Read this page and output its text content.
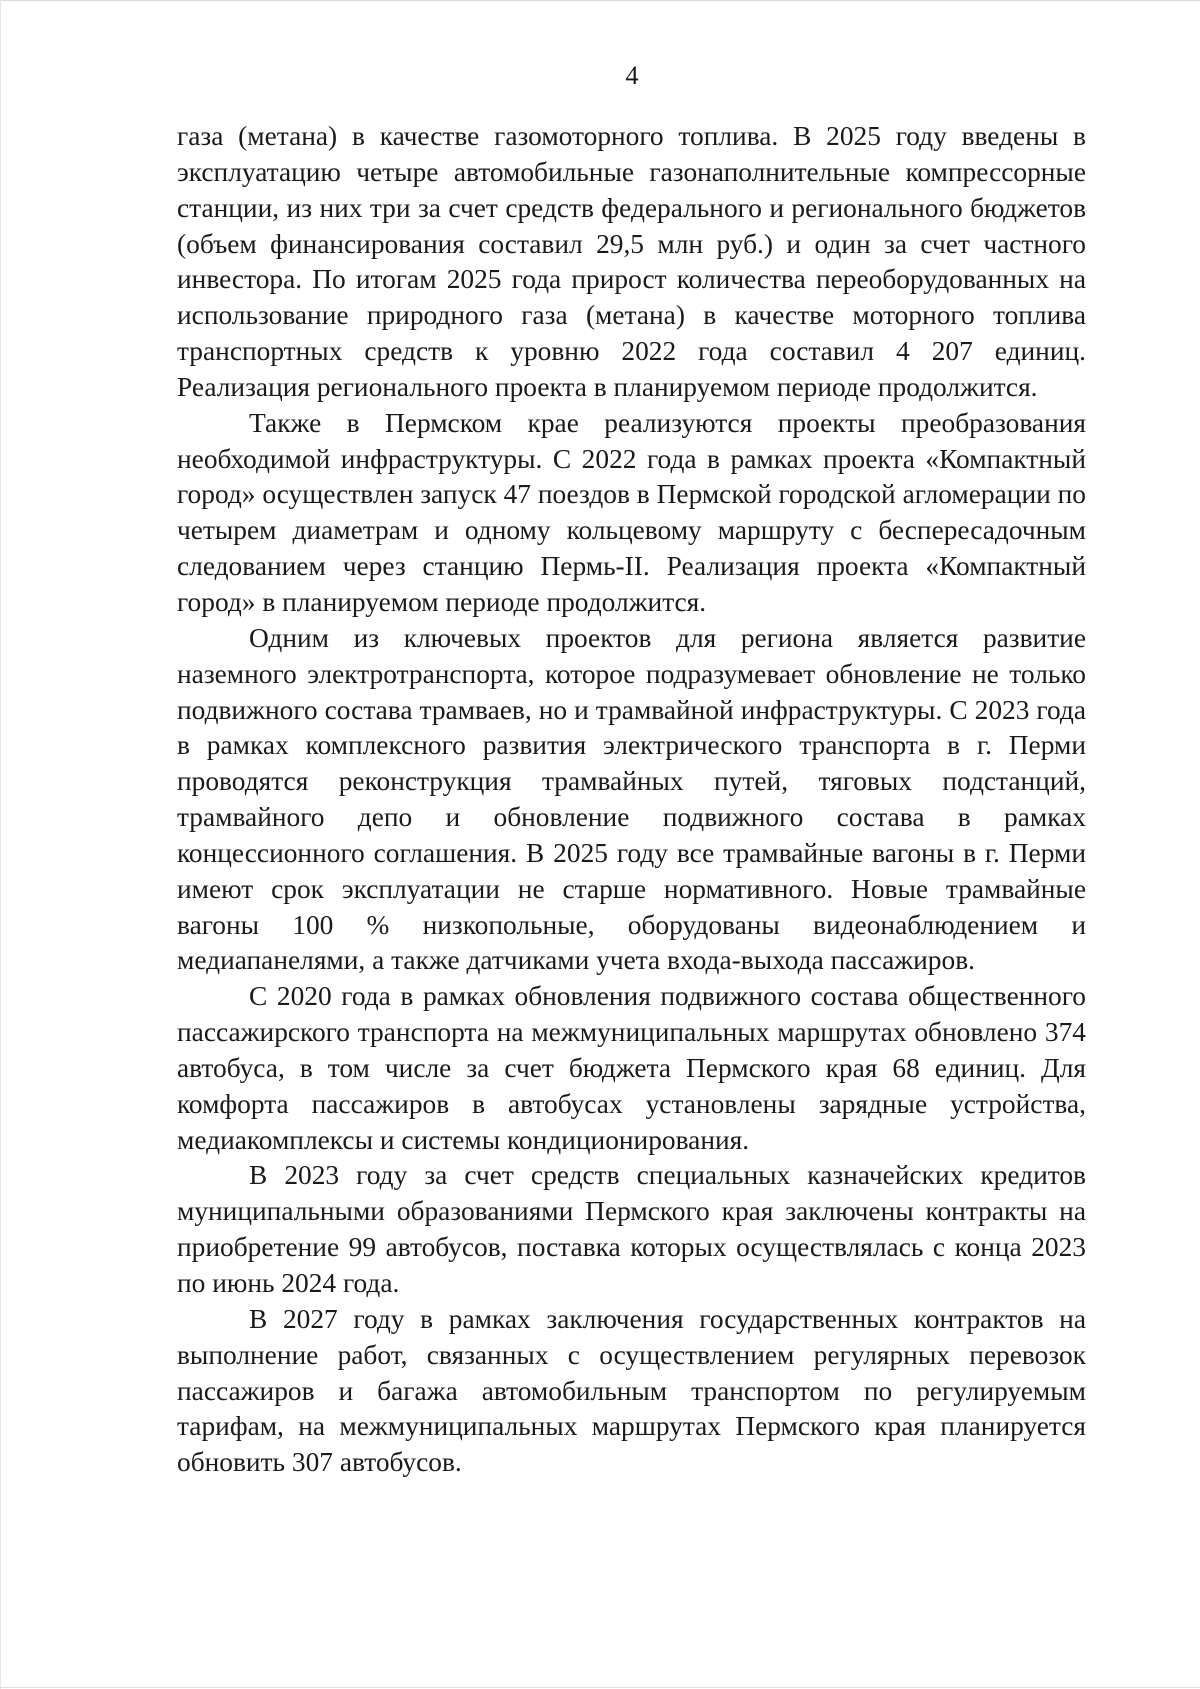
4

газа (метана) в качестве газомоторного топлива. В 2025 году введены в эксплуатацию четыре автомобильные газонаполнительные компрессорные станции, из них три за счет средств федерального и регионального бюджетов (объем финансирования составил 29,5 млн руб.) и один за счет частного инвестора. По итогам 2025 года прирост количества переоборудованных на использование природного газа (метана) в качестве моторного топлива транспортных средств к уровню 2022 года составил 4 207 единиц. Реализация регионального проекта в планируемом периоде продолжится.

Также в Пермском крае реализуются проекты преобразования необходимой инфраструктуры. С 2022 года в рамках проекта «Компактный город» осуществлен запуск 47 поездов в Пермской городской агломерации по четырем диаметрам и одному кольцевому маршруту с беспересадочным следованием через станцию Пермь-II. Реализация проекта «Компактный город» в планируемом периоде продолжится.

Одним из ключевых проектов для региона является развитие наземного электротранспорта, которое подразумевает обновление не только подвижного состава трамваев, но и трамвайной инфраструктуры. С 2023 года в рамках комплексного развития электрического транспорта в г. Перми проводятся реконструкция трамвайных путей, тяговых подстанций, трамвайного депо и обновление подвижного состава в рамках концессионного соглашения. В 2025 году все трамвайные вагоны в г. Перми имеют срок эксплуатации не старше нормативного. Новые трамвайные вагоны 100 % низкопольные, оборудованы видеонаблюдением и медиапанелями, а также датчиками учета входа-выхода пассажиров.

С 2020 года в рамках обновления подвижного состава общественного пассажирского транспорта на межмуниципальных маршрутах обновлено 374 автобуса, в том числе за счет бюджета Пермского края 68 единиц. Для комфорта пассажиров в автобусах установлены зарядные устройства, медиакомплексы и системы кондиционирования.

В 2023 году за счет средств специальных казначейских кредитов муниципальными образованиями Пермского края заключены контракты на приобретение 99 автобусов, поставка которых осуществлялась с конца 2023 по июнь 2024 года.

В 2027 году в рамках заключения государственных контрактов на выполнение работ, связанных с осуществлением регулярных перевозок пассажиров и багажа автомобильным транспортом по регулируемым тарифам, на межмуниципальных маршрутах Пермского края планируется обновить 307 автобусов.
